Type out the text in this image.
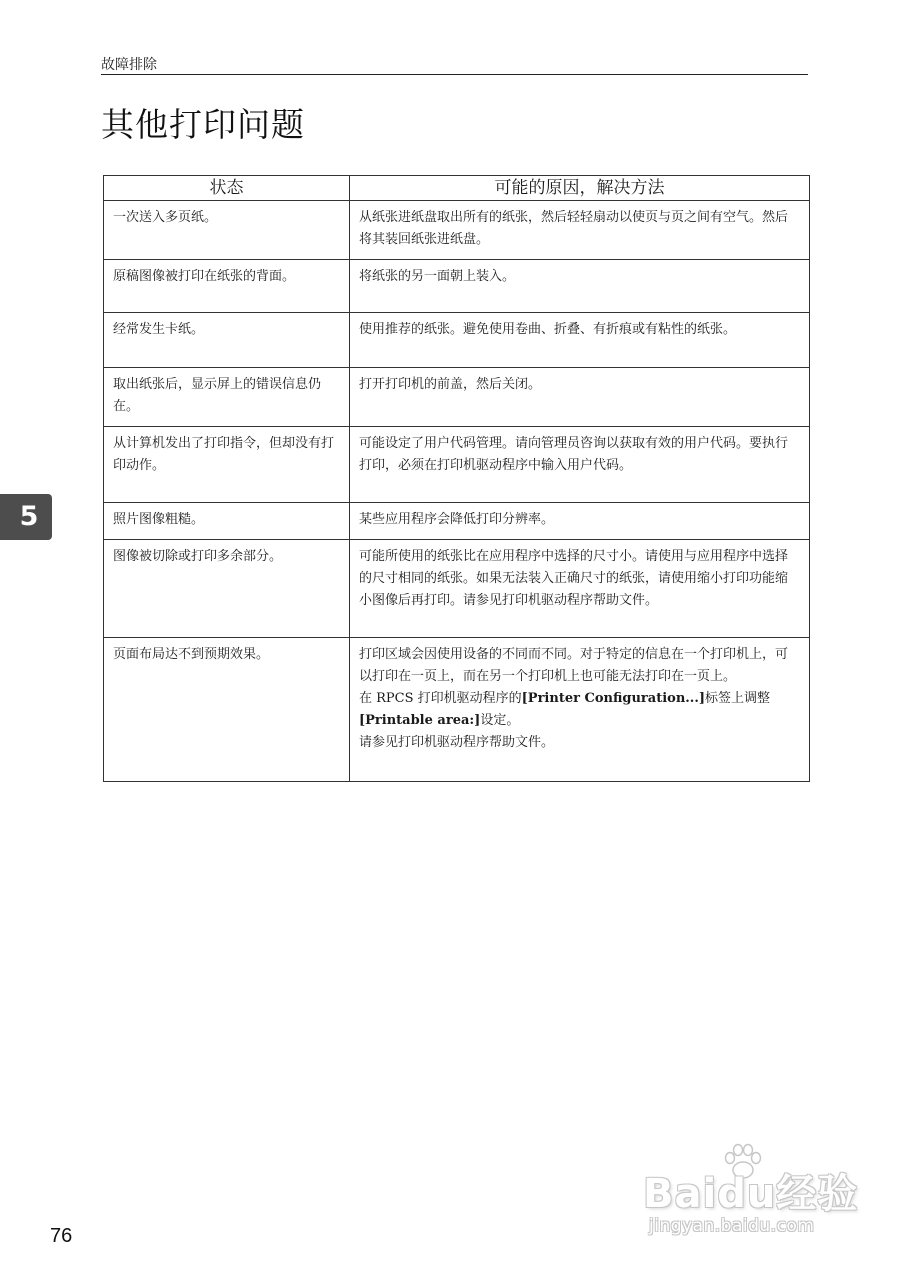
故障排除
其他打印问题
状态	可能的原因，解决方法
一次送入多页纸。	从纸张进纸盘取出所有的纸张，然后轻轻扇动以使页与页之间有空气。然后将其装回纸张进纸盘。
原稿图像被打印在纸张的背面。	将纸张的另一面朝上装入。
经常发生卡纸。	使用推荐的纸张。避免使用卷曲、折叠、有折痕或有粘性的纸张。
取出纸张后，显示屏上的错误信息仍在。	打开打印机的前盖，然后关闭。
从计算机发出了打印指令，但却没有打印动作。	可能设定了用户代码管理。请向管理员咨询以获取有效的用户代码。要执行打印，必须在打印机驱动程序中输入用户代码。
照片图像粗糙。	某些应用程序会降低打印分辨率。
图像被切除或打印多余部分。	可能所使用的纸张比在应用程序中选择的尺寸小。请使用与应用程序中选择的尺寸相同的纸张。如果无法装入正确尺寸的纸张，请使用缩小打印功能缩小图像后再打印。请参见打印机驱动程序帮助文件。
页面布局达不到预期效果。	打印区域会因使用设备的不同而不同。对于特定的信息在一个打印机上，可以打印在一页上，而在另一个打印机上也可能无法打印在一页上。
在 RPCS 打印机驱动程序的[Printer Configuration...]标签上调整[Printable area:]设定。
请参见打印机驱动程序帮助文件。
5
76
Baidu经验
jingyan.baidu.com
